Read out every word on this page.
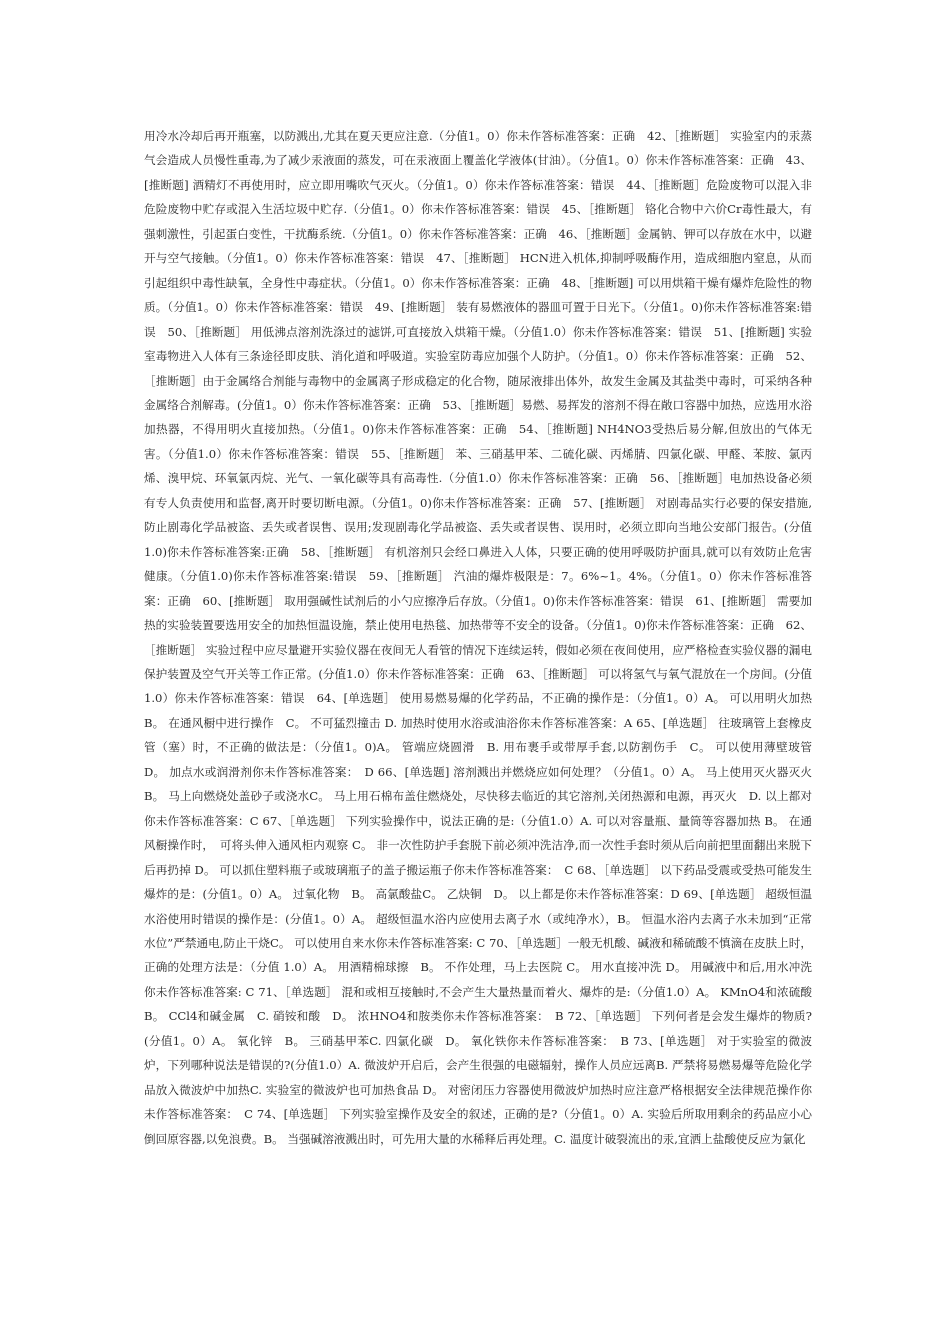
用冷水冷却后再开瓶塞，以防溅出,尤其在夏天更应注意.（分值1。0）你未作答标准答案：正确　42、［推断题］ 实验室内的汞蒸气会造成人员慢性重毒,为了减少汞液面的蒸发，可在汞液面上覆盖化学液体(甘油）。（分值1。0）你未作答标准答案：正确　43、[推断题] 酒精灯不再使用时，应立即用嘴吹气灭火。（分值1。0）你未作答标准答案：错误　44、［推断题］危险废物可以混入非危险废物中贮存或混入生活垃圾中贮存.（分值1。0）你未作答标准答案：错误　45、［推断题］ 铬化合物中六价Cr毒性最大，有强刺激性，引起蛋白变性，干扰酶系统.（分值1。0）你未作答标准答案：正确　46、［推断题］金属钠、钾可以存放在水中，以避开与空气接触。（分值1。0）你未作答标准答案：错误　47、［推断题］ HCN进入机体,抑制呼吸酶作用，造成细胞内窒息，从而引起组织中毒性缺氧，全身性中毒症状。（分值1。0）你未作答标准答案：正确　48、［推断题] 可以用烘箱干燥有爆炸危险性的物质。（分值1。0）你未作答标准答案：错误　49、[推断题］ 装有易燃液体的器皿可置于日光下。（分值1。0)你未作答标准答案:错误　50、［推断题］ 用低沸点溶剂洗涤过的滤饼,可直接放入烘箱干燥。（分值1.0）你未作答标准答案：错误　51、[推断题] 实验室毒物进入人体有三条途径即皮肤、消化道和呼吸道。实验室防毒应加强个人防护。（分值1。0）你未作答标准答案：正确　52、［推断题］由于金属络合剂能与毒物中的金属离子形成稳定的化合物，随尿液排出体外，故发生金属及其盐类中毒时，可采纳各种金属络合剂解毒。(分值1。0）你未作答标准答案：正确　53、［推断题］易燃、易挥发的溶剂不得在敞口容器中加热，应选用水浴加热器，不得用明火直接加热。（分值1。0)你未作答标准答案：正确　54、［推断题] NH4NO3受热后易分解,但放出的气体无害。（分值1.0）你未作答标准答案：错误　55、［推断题］ 苯、三硝基甲苯、二硫化碳、丙烯腈、四氯化碳、甲醛、苯胺、氯丙烯、溴甲烷、环氧氯丙烷、光气、一氧化碳等具有高毒性.（分值1.0）你未作答标准答案：正确　56、［推断题］电加热设备必须有专人负责使用和监督,离开时要切断电源。（分值1。0)你未作答标准答案：正确　57、[推断题］ 对剧毒品实行必要的保安措施,防止剧毒化学品被盗、丢失或者误售、误用;发现剧毒化学品被盗、丢失或者误售、误用时，必须立即向当地公安部门报告。(分值1.0)你未作答标准答案:正确　58、［推断题］ 有机溶剂只会经口鼻进入人体，只要正确的使用呼吸防护面具,就可以有效防止危害健康。（分值1.0)你未作答标准答案:错误　59、［推断题］ 汽油的爆炸极限是：7。6%~1。4%。（分值1。0）你未作答标准答案：正确　60、[推断题］ 取用强碱性试剂后的小勺应擦净后存放。（分值1。0)你未作答标准答案：错误　61、[推断题］ 需要加热的实验装置要选用安全的加热恒温设施，禁止使用电热毯、加热带等不安全的设备。（分值1。0)你未作答标准答案：正确　62、［推断题］ 实验过程中应尽量避开实验仪器在夜间无人看管的情况下连续运转，假如必须在夜间使用，应严格检查实验仪器的漏电保护装置及空气开关等工作正常。(分值1.0）你未作答标准答案：正确　63、［推断题］ 可以将氢气与氧气混放在一个房间。(分值1.0）你未作答标准答案：错误　64、[单选题］ 使用易燃易爆的化学药品，不正确的操作是：（分值1。0）A。 可以用明火加热 B。 在通风橱中进行操作　C。 不可猛烈撞击 D. 加热时使用水浴或油浴你未作答标准答案：A 65、[单选题］ 往玻璃管上套橡皮管（塞）时，不正确的做法是：（分值1。0)A。 管端应烧圆滑　B. 用布裹手或带厚手套,以防割伤手　C。 可以使用薄壁玻管　D。 加点水或润滑剂你未作答标准答案：　D 66、[单选题] 溶剂溅出并燃烧应如何处理？（分值1。0）A。 马上使用灭火器灭火　B。 马上向燃烧处盖砂子或浇水C。 马上用石棉布盖住燃烧处，尽快移去临近的其它溶剂,关闭热源和电源，再灭火　D. 以上都对你未作答标准答案：C 67、［单选题］ 下列实验操作中，说法正确的是:（分值1.0）A. 可以对容量瓶、量筒等容器加热 B。 在通风橱操作时，　可将头伸入通风柜内观察 C。 非一次性防护手套脱下前必须冲洗洁净,而一次性手套时须从后向前把里面翻出来脱下后再扔掉 D。 可以抓住塑料瓶子或玻璃瓶子的盖子搬运瓶子你未作答标准答案：　C 68、［单选题］ 以下药品受震或受热可能发生爆炸的是：(分值1。0）A。 过氧化物　B。 高氯酸盐C。 乙炔铜　D。 以上都是你未作答标准答案：D 69、[单选题］ 超级恒温水浴使用时错误的操作是：(分值1。0）A。 超级恒温水浴内应使用去离子水（或纯净水），B。 恒温水浴内去离子水未加到“正常水位”严禁通电,防止干烧C。 可以使用自来水你未作答标准答案: C 70、［单选题］一般无机酸、碱液和稀硫酸不慎滴在皮肤上时，正确的处理方法是：（分值 1.0）A。 用酒精棉球擦　B。 不作处理，马上去医院 C。 用水直接冲洗 D。 用碱液中和后,用水冲洗　你未作答标准答案: C 71、［单选题］ 混和或相互接触时,不会产生大量热量而着火、爆炸的是:（分值1.0）A。 KMnO4和浓硫酸　B。 CCl4和碱金属　C. 硝铵和酸　D。 浓HNO4和胺类你未作答标准答案：　B 72、［单选题］ 下列何者是会发生爆炸的物质?(分值1。0）A。 氧化锌　B。 三硝基甲苯C. 四氯化碳　D。 氧化铁你未作答标准答案：　B 73、[单选题］ 对于实验室的微波炉，下列哪种说法是错误的?(分值1.0）A. 微波炉开启后，会产生很强的电磁辐射，操作人员应远离B. 严禁将易燃易爆等危险化学品放入微波炉中加热C. 实验室的微波炉也可加热食品 D。 对密闭压力容器使用微波炉加热时应注意严格根据安全法律规范操作你未作答标准答案：　C 74、[单选题］ 下列实验室操作及安全的叙述，正确的是?（分值1。0）A. 实验后所取用剩余的药品应小心倒回原容器,以免浪费。B。 当强碱溶液溅出时，可先用大量的水稀释后再处理。C. 温度计破裂流出的汞,宜洒上盐酸使反应为氯化
